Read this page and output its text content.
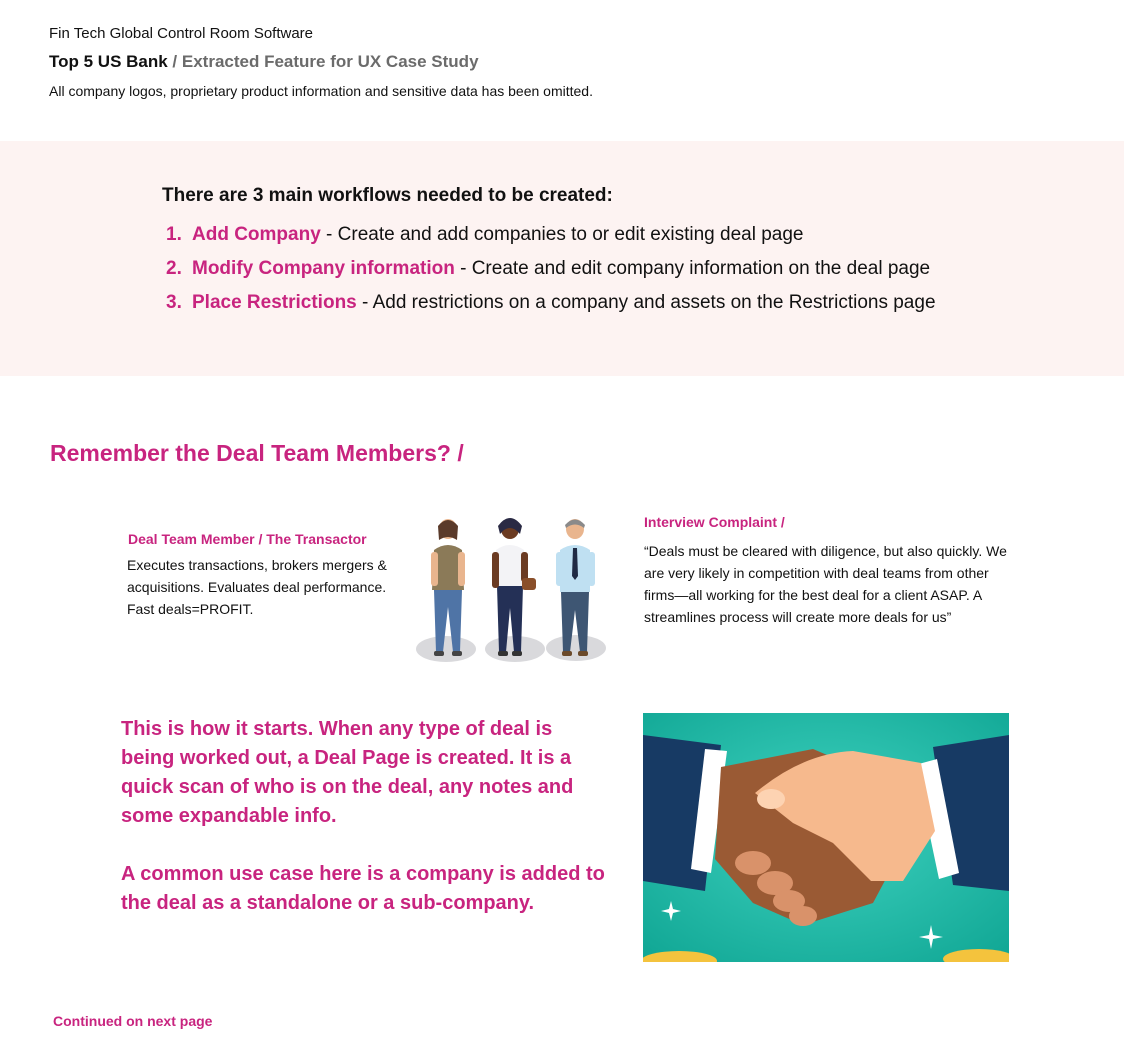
Fin Tech Global Control Room Software
Top 5 US Bank / Extracted Feature for UX Case Study
All company logos, proprietary product information and sensitive data has been omitted.
There are 3 main workflows needed to be created:
1. Add Company - Create and add companies to or edit existing deal page
2. Modify Company information - Create and edit company information on the deal page
3. Place Restrictions - Add restrictions on a company and assets on the Restrictions page
Remember the Deal Team Members? /
Deal Team Member / The Transactor
Executes transactions, brokers mergers & acquisitions. Evaluates deal performance. Fast deals=PROFIT.
Interview Complaint /
“Deals must be cleared with diligence, but also quickly. We are very likely in competition with deal teams from other firms—all working for the best deal for a client ASAP. A streamlines process will create more deals for us”

This is how it starts. When any type of deal is being worked out, a Deal Page is created. It is a quick scan of who is on the deal, any notes and some expandable info.

A common use case here is a company is added to the deal as a standalone or a sub-company.

Continued on next page
